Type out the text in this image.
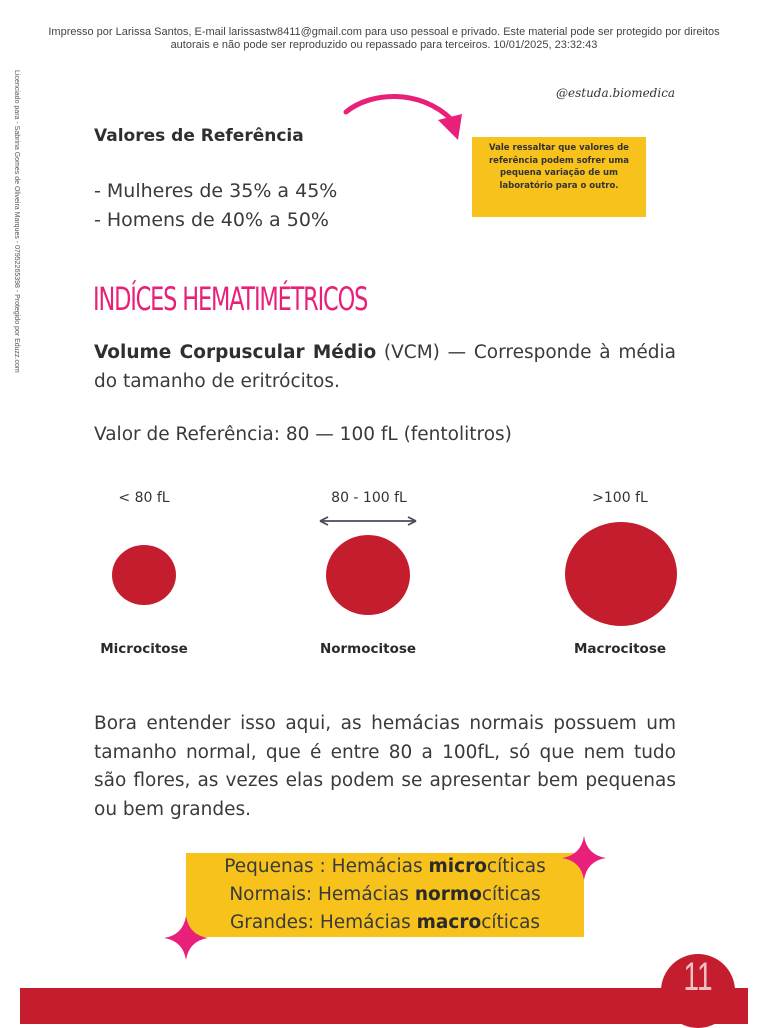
Impresso por Larissa Santos, E-mail larissastw8411@gmail.com para uso pessoal e privado. Este material pode ser protegido por direitos autorais e não pode ser reproduzido ou repassado para terceiros. 10/01/2025, 23:32:43
Licenciado para - Sabrina Gomes de Oliveira Marques - 07952265398 - Protegido por Eduzz.com	@estuda.biomedica
Valores de Referência
- Mulheres de 35% a 45%
- Homens de 40% a 50%
Vale ressaltar que valores de referência podem sofrer uma pequena variação de um laboratório para o outro.
INDÍCES HEMATIMÉTRICOS
Volume Corpuscular Médio (VCM) — Corresponde à média do tamanho de eritrócitos.
Valor de Referência: 80 — 100 fL (fentolitros)
< 80 fL	80 - 100 fL	>100 fL
Microcitose	Normocitose	Macrocitose
Bora entender isso aqui, as hemácias normais possuem um tamanho normal, que é entre 80 a 100fL, só que nem tudo são flores, as vezes elas podem se apresentar bem pequenas ou bem grandes.
Pequenas : Hemácias microcíticas
Normais: Hemácias normocíticas
Grandes: Hemácias macrocíticas
11
